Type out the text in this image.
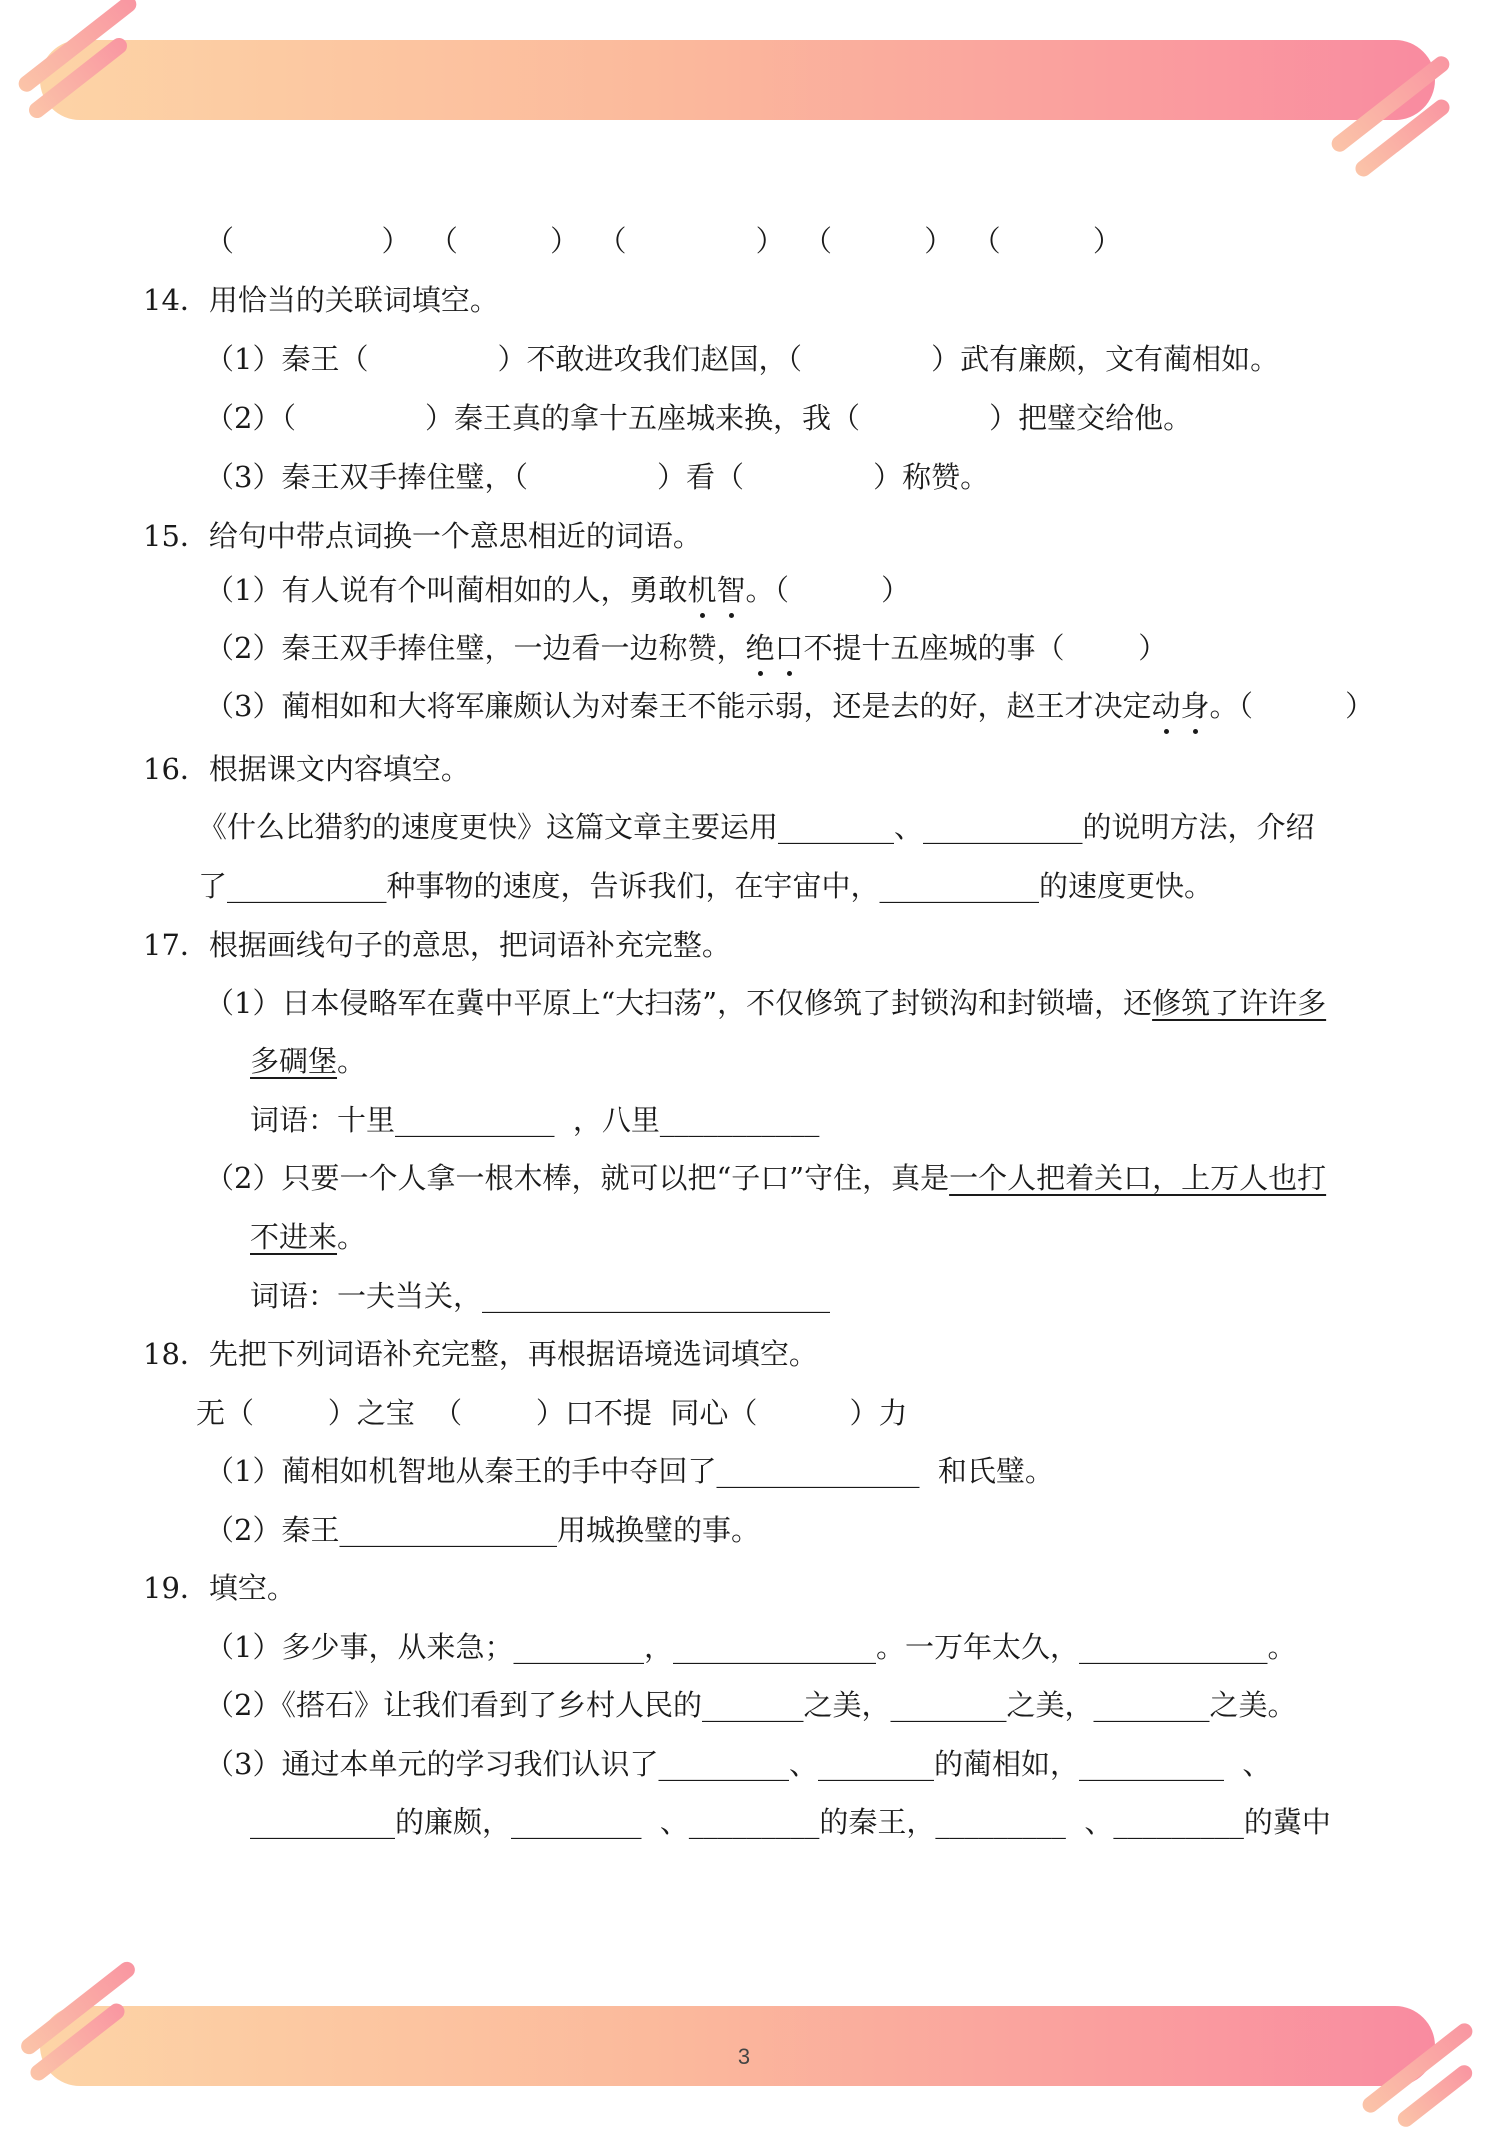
（                ）  （          ）  （              ）  （          ）  （          ）
14．用恰当的关联词填空。
（1）秦王（              ）不敢进攻我们赵国，（              ）武有廉颇，文有蔺相如。
（2）（              ）秦王真的拿十五座城来换，我（              ）把璧交给他。
（3）秦王双手捧住璧，（              ）看（              ）称赞。
15．给句中带点词换一个意思相近的词语。
（1）有人说有个叫蔺相如的人，勇敢机智。（          ）
（2）秦王双手捧住璧，一边看一边称赞，绝口不提十五座城的事（        ）
（3）蔺相如和大将军廉颇认为对秦王不能示弱，还是去的好，赵王才决定动身。（          ）
16．根据课文内容填空。
《什么比猎豹的速度更快》这篇文章主要运用________、___________的说明方法，介绍
了___________种事物的速度，告诉我们，在宇宙中，___________的速度更快。
17．根据画线句子的意思，把词语补充完整。
（1）日本侵略军在冀中平原上“大扫荡”，不仅修筑了封锁沟和封锁墙，还修筑了许许多
多碉堡。
词语：十里___________  ，八里___________
（2）只要一个人拿一根木棒，就可以把“子口”守住，真是一个人把着关口，上万人也打
不进来。
词语：一夫当关，________________________
18．先把下列词语补充完整，再根据语境选词填空。
无（        ）之宝  （        ）口不提  同心（          ）力
（1）蔺相如机智地从秦王的手中夺回了______________  和氏璧。
（2）秦王_______________用城换璧的事。
19．填空。
（1）多少事，从来急；_________，______________。一万年太久，_____________。
（2）《搭石》让我们看到了乡村人民的_______之美，________之美，________之美。
（3）通过本单元的学习我们认识了_________、________的蔺相如，__________  、
__________的廉颇，_________  、_________的秦王，_________  、_________的冀中
3
